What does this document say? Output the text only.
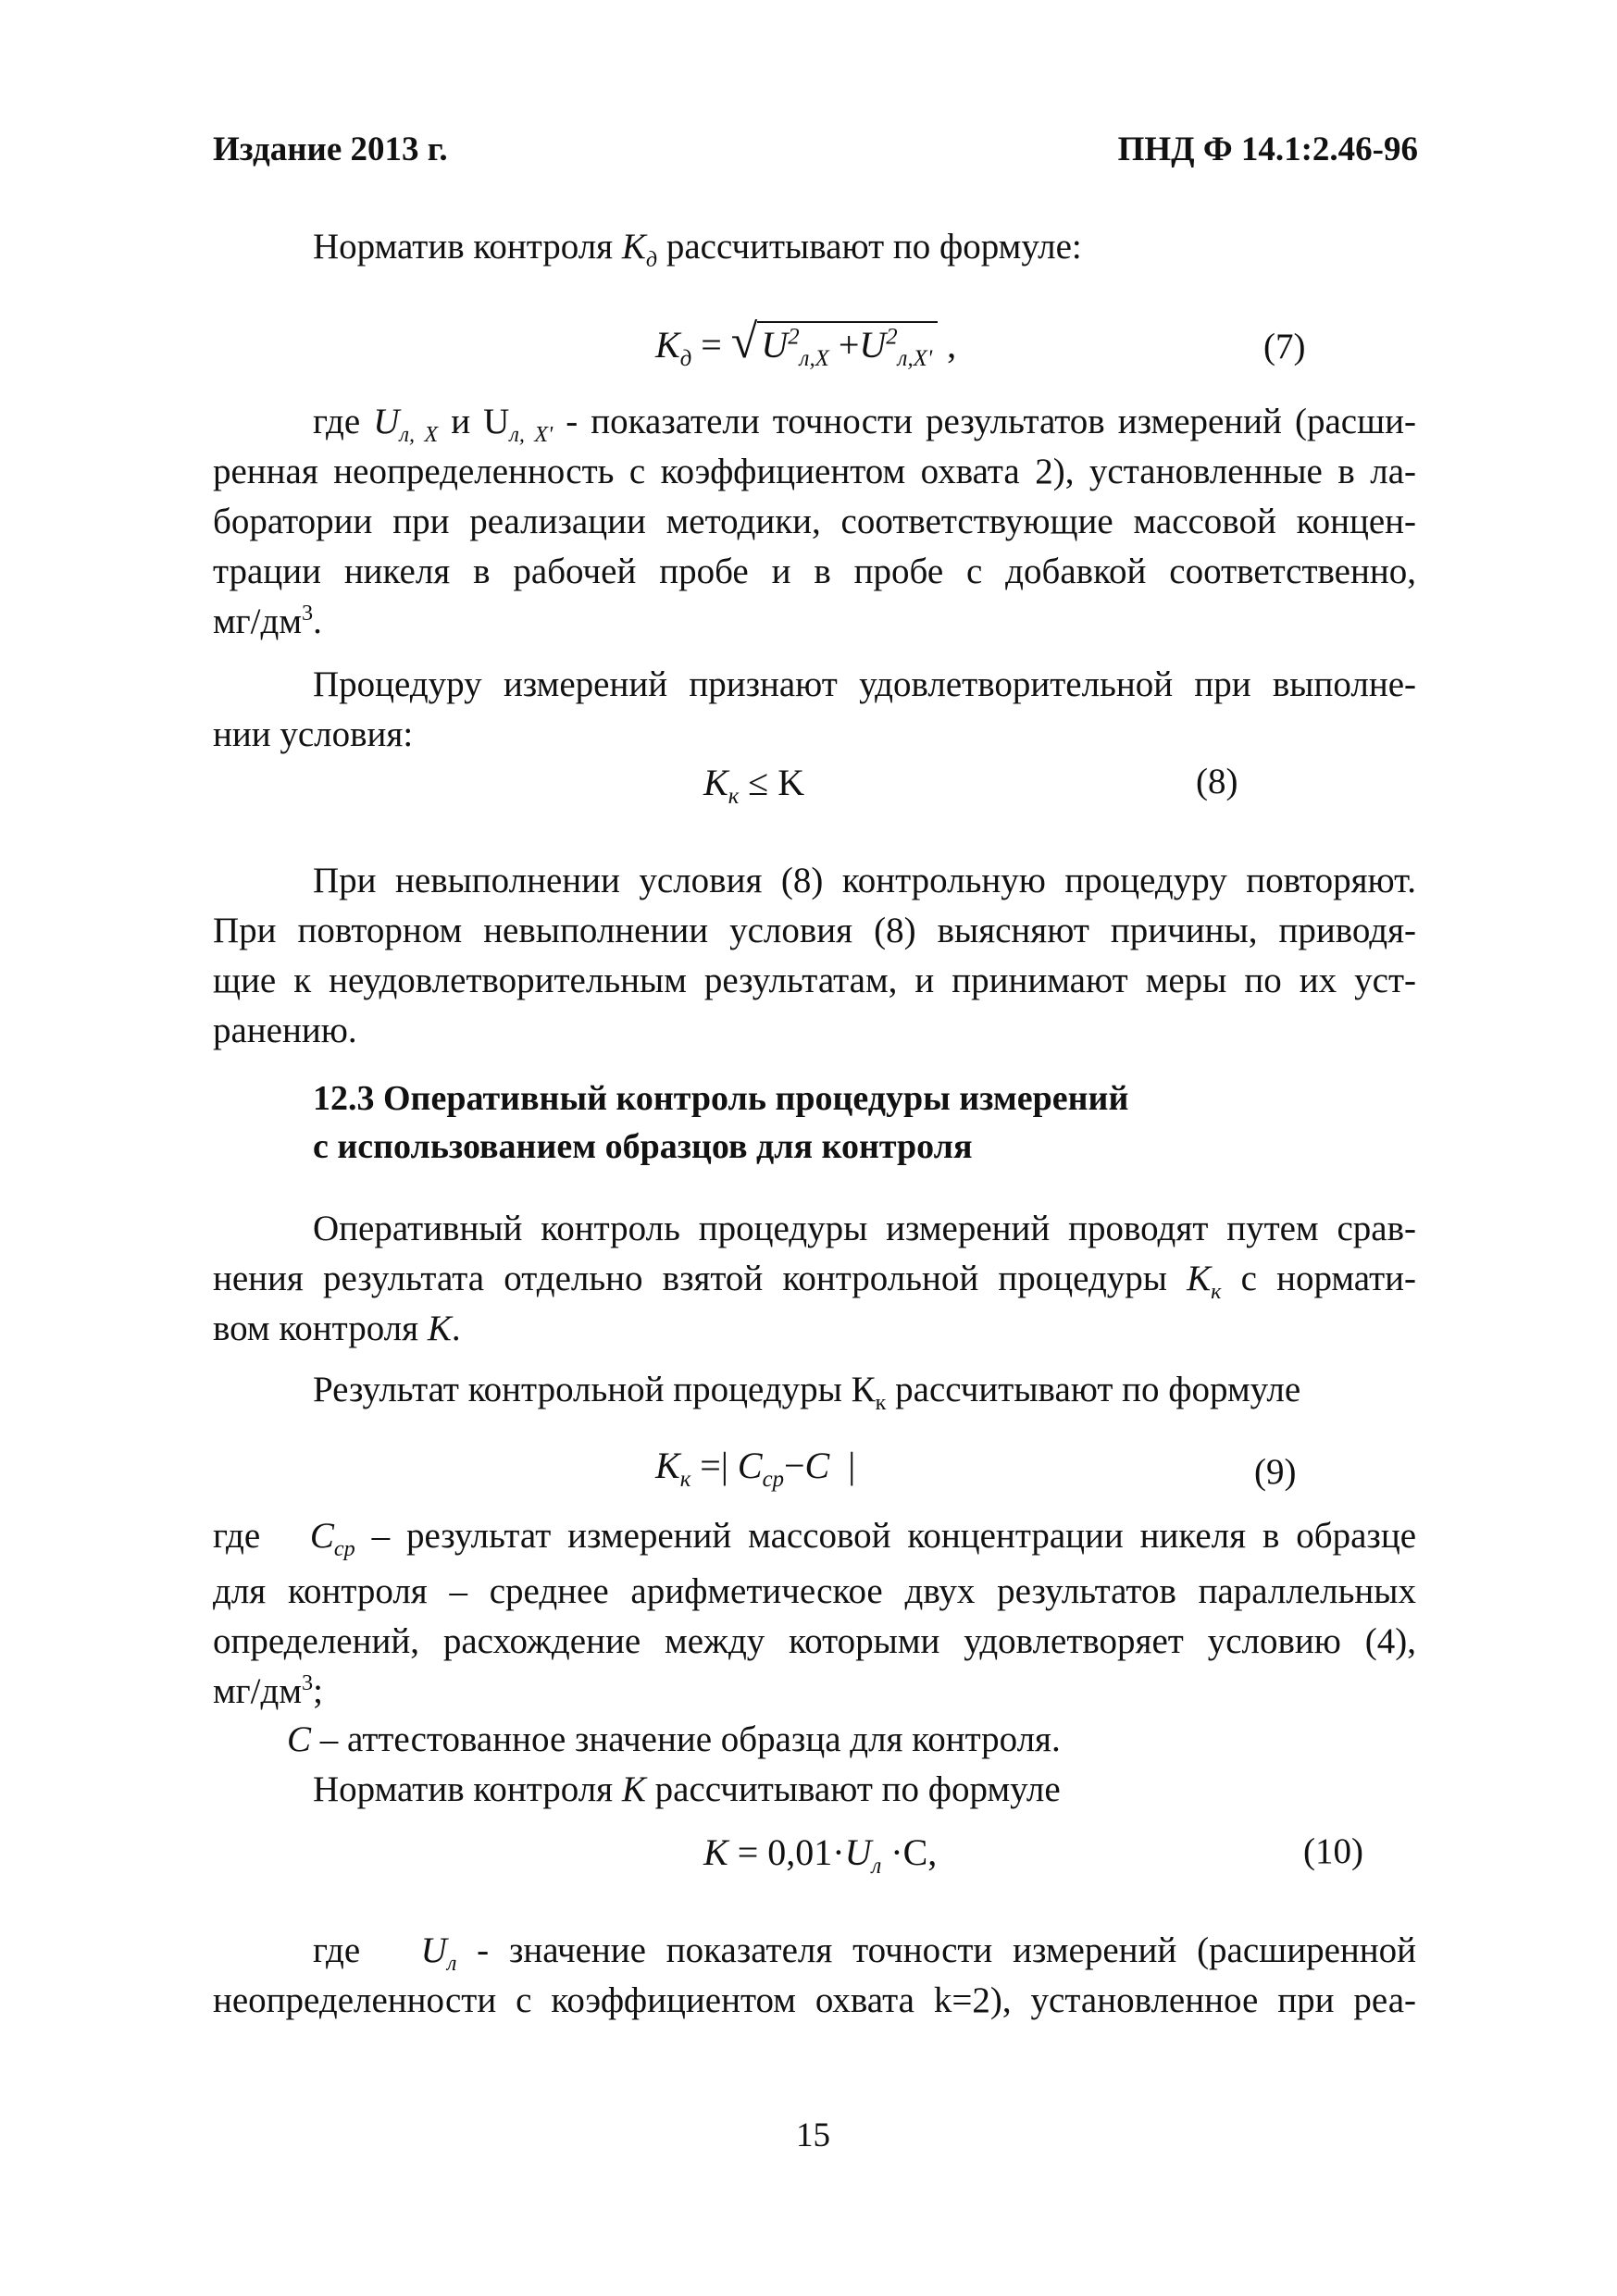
Издание 2013 г.	ПНД Ф 14.1:2.46-96
Норматив контроля $K_д$ рассчитывают по формуле:
$K_д$ = √ $U^2_{л,X} +U^2_{л,X'}$ ,	(7)
где $U_{л, X}$ и $U_{л, X'}$ - показатели точности результатов измерений (расши-
ренная неопределенность с коэффициентом охвата 2), установленные в ла-
боратории при реализации методики, соответствующие массовой концен-
трации никеля в рабочей пробе и в пробе с добавкой соответственно,
$мг/дм^3$.
Процедуру измерений признают удовлетворительной при выполне-
нии условия:
$K_к \le K$	(8)
При невыполнении условия (8) контрольную процедуру повторяют.
При повторном невыполнении условия (8) выясняют причины, приводя-
щие к неудовлетворительным результатам, и принимают меры по их уст-
ранению.
12.3 Оперативный контроль процедуры измерений
с использованием образцов для контроля
Оперативный контроль процедуры измерений проводят путем срав-
нения результата отдельно взятой контрольной процедуры $K_к$ с нормати-
вом контроля K.
Результат контрольной процедуры $К_к$ рассчитывают по формуле
$K_к$ =| $C_{ср}-C$ |	(9)
где $C_{ср}$ – результат измерений массовой концентрации никеля в образце
для контроля – среднее арифметическое двух результатов параллельных
определений, расхождение между которыми удовлетворяет условию (4),
$мг/дм^3$;
C – аттестованное значение образца для контроля.
Норматив контроля K рассчитывают по формуле
$K = 0,01\cdot U_л \cdot C$,	(10)
где $U_л$ - значение показателя точности измерений (расширенной
неопределенности с коэффициентом охвата k=2), установленное при реа-
15
